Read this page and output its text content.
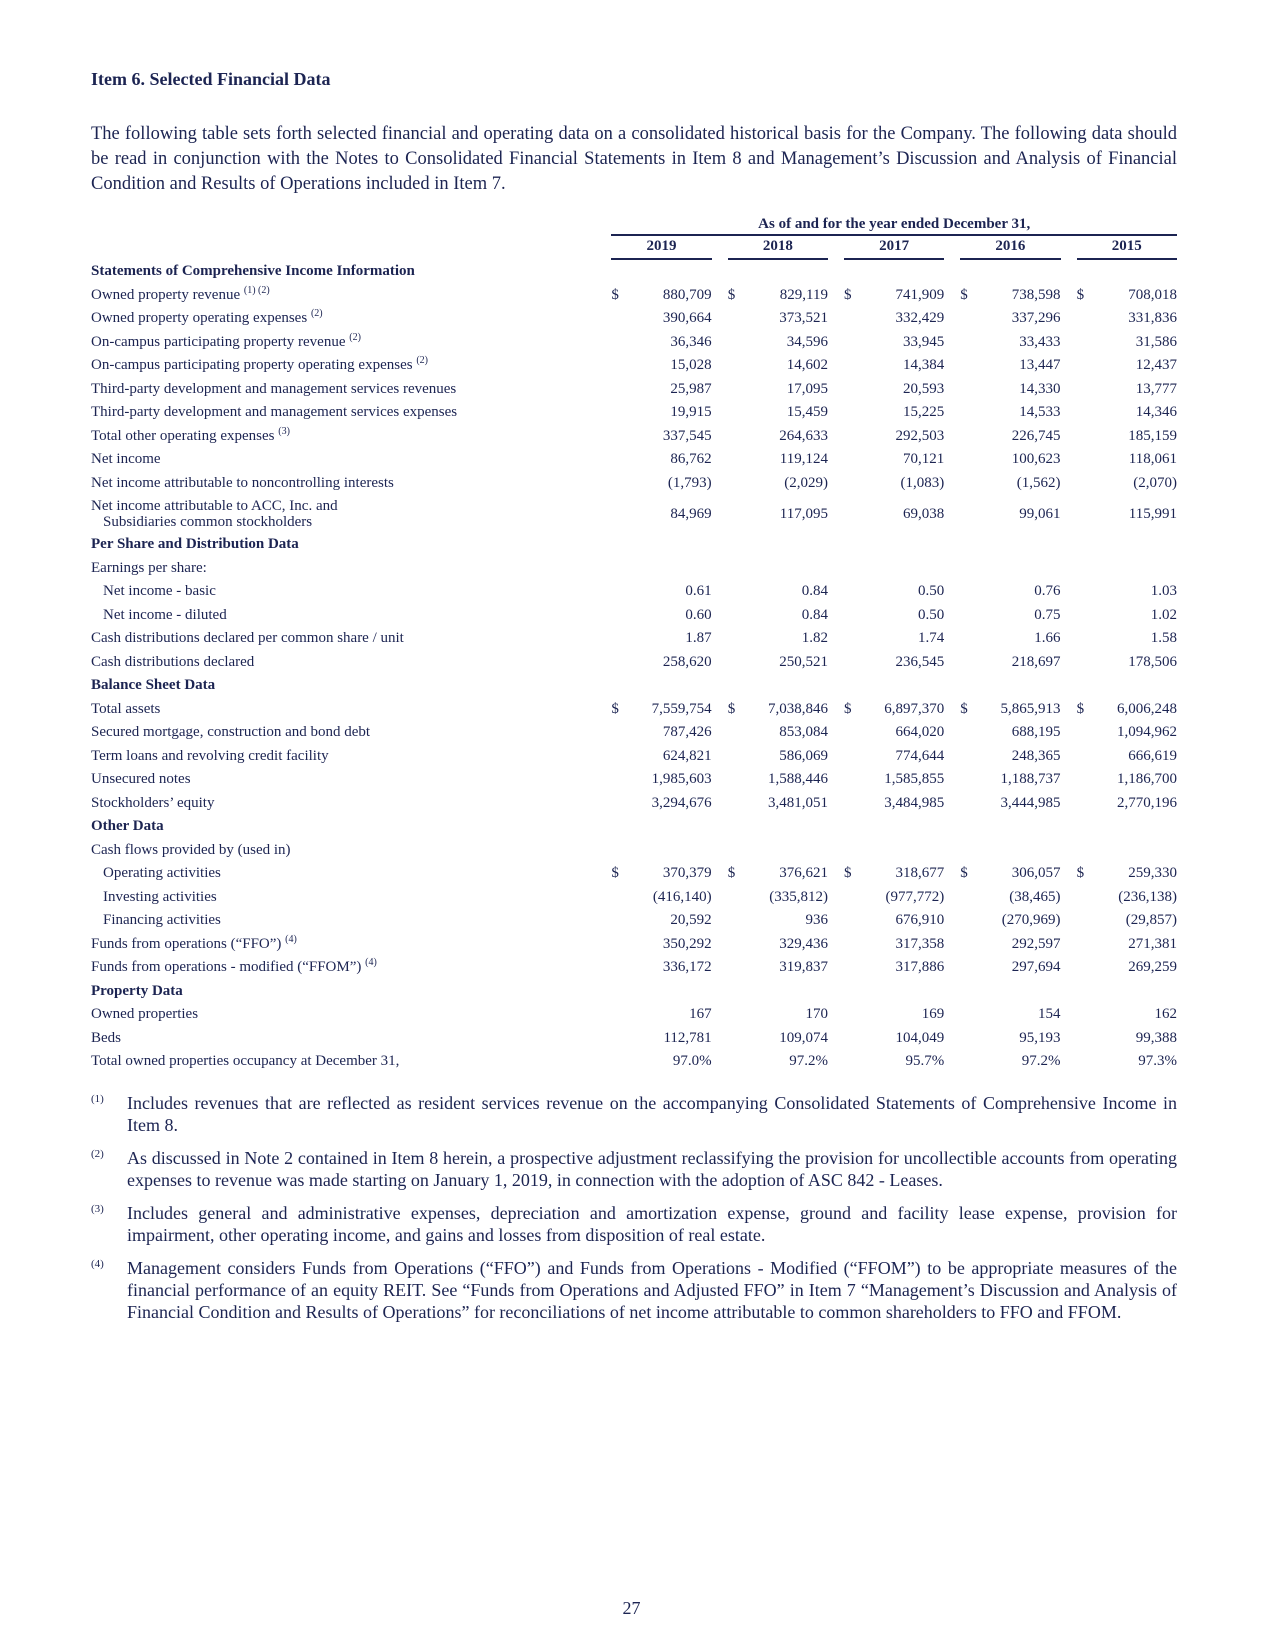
Item 6. Selected Financial Data

The following table sets forth selected financial and operating data on a consolidated historical basis for the Company. The following data should be read in conjunction with the Notes to Consolidated Financial Statements in Item 8 and Management’s Discussion and Analysis of Financial Condition and Results of Operations included in Item 7.

	As of and for the year ended December 31,								
	2019		2018		2017		2016		2015
Statements of Comprehensive Income Information									
Owned property revenue $^{(1) (2)}$	$ 880,709		$ 829,119		$ 741,909		$ 738,598		$ 708,018
Owned property operating expenses $^{(2)}$	390,664		373,521		332,429		337,296		331,836
On-campus participating property revenue $^{(2)}$	36,346		34,596		33,945		33,433		31,586
On-campus participating property operating expenses $^{(2)}$	15,028		14,602		14,384		13,447		12,437
Third-party development and management services revenues	25,987		17,095		20,593		14,330		13,777
Third-party development and management services expenses	19,915		15,459		15,225		14,533		14,346
Total other operating expenses $^{(3)}$	337,545		264,633		292,503		226,745		185,159
Net income	86,762		119,124		70,121		100,623		118,061
Net income attributable to noncontrolling interests	(1,793)		(2,029)		(1,083)		(1,562)		(2,070)

Net income attributable to ACC, Inc. and
Subsidiaries common stockholders	84,969		117,095		69,038		99,061		115,991
Per Share and Distribution Data									
Earnings per share:									
Net income - basic	0.61		0.84		0.50		0.76		1.03
Net income - diluted	0.60		0.84		0.50		0.75		1.02
Cash distributions declared per common share / unit	1.87		1.82		1.74		1.66		1.58
Cash distributions declared	258,620		250,521		236,545		218,697		178,506
Balance Sheet Data									
Total assets	$ 7,559,754		$ 7,038,846		$ 6,897,370		$ 5,865,913		$ 6,006,248
Secured mortgage, construction and bond debt	787,426		853,084		664,020		688,195		1,094,962
Term loans and revolving credit facility	624,821		586,069		774,644		248,365		666,619
Unsecured notes	1,985,603		1,588,446		1,585,855		1,188,737		1,186,700
Stockholders’ equity	3,294,676		3,481,051		3,484,985		3,444,985		2,770,196
Other Data									
Cash flows provided by (used in)									
Operating activities	$ 370,379		$ 376,621		$ 318,677		$ 306,057		$ 259,330
Investing activities	(416,140)		(335,812)		(977,772)		(38,465)		(236,138)
Financing activities	20,592		936		676,910		(270,969)		(29,857)
Funds from operations (“FFO”) $^{(4)}$	350,292		329,436		317,358		292,597		271,381
Funds from operations - modified (“FFOM”) $^{(4)}$	336,172		319,837		317,886		297,694		269,259
Property Data									
Owned properties	167		170		169		154		162
Beds	112,781		109,074		104,049		95,193		99,388
Total owned properties occupancy at December 31,	97.0%		97.2%		95.7%		97.2%		97.3%
(1) Includes revenues that are reflected as resident services revenue on the accompanying Consolidated Statements of Comprehensive Income in Item 8.
(2) As discussed in Note 2 contained in Item 8 herein, a prospective adjustment reclassifying the provision for uncollectible accounts from operating expenses to revenue was made starting on January 1, 2019, in connection with the adoption of ASC 842 - Leases.
(3) Includes general and administrative expenses, depreciation and amortization expense, ground and facility lease expense, provision for impairment, other operating income, and gains and losses from disposition of real estate.
(4) Management considers Funds from Operations (“FFO”) and Funds from Operations - Modified (“FFOM”) to be appropriate measures of the financial performance of an equity REIT. See “Funds from Operations and Adjusted FFO” in Item 7 “Management’s Discussion and Analysis of Financial Condition and Results of Operations” for reconciliations of net income attributable to common shareholders to FFO and FFOM.
27
